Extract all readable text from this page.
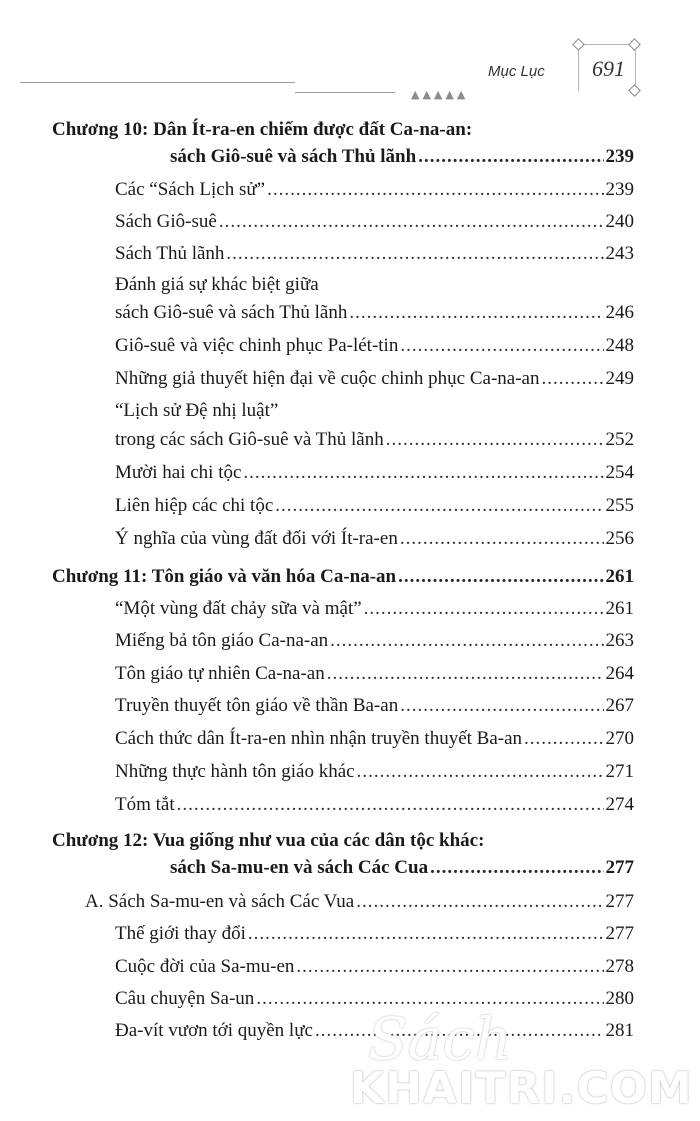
▲▲▲▲▲
Mục Lục 691
Chương 10: Dân Ít-ra-en chiếm được đất Ca-na-an:
sách Giô-suê và sách Thủ lãnh .....	239
Các “Sách Lịch sử” .....	239
Sách Giô-suê .....	240
Sách Thủ lãnh .....	243
Đánh giá sự khác biệt giữa
sách Giô-suê và sách Thủ lãnh .....	246
Giô-suê và việc chinh phục Pa-lét-tin .....	248
Những giả thuyết hiện đại về cuộc chinh phục Ca-na-an .....	249
“Lịch sử Đệ nhị luật”
trong các sách Giô-suê và Thủ lãnh .....	252
Mười hai chi tộc .....	254
Liên hiệp các chi tộc .....	255
Ý nghĩa của vùng đất đối với Ít-ra-en .....	256
Chương 11: Tôn giáo và văn hóa Ca-na-an .....	261
“Một vùng đất chảy sữa và mật” .....	261
Miếng bả tôn giáo Ca-na-an .....	263
Tôn giáo tự nhiên Ca-na-an .....	264
Truyền thuyết tôn giáo về thần Ba-an .....	267
Cách thức dân Ít-ra-en nhìn nhận truyền thuyết Ba-an .....	270
Những thực hành tôn giáo khác .....	271
Tóm tắt .....	274
Chương 12: Vua giống như vua của các dân tộc khác:
sách Sa-mu-en và sách Các Cua .....	277
A. Sách Sa-mu-en và sách Các Vua .....	277
Thế giới thay đổi .....	277
Cuộc đời của Sa-mu-en .....	278
Câu chuyện Sa-un .....	280
Đa-vít vươn tới quyền lực .....	281
Sách
KHAITRI.COM
